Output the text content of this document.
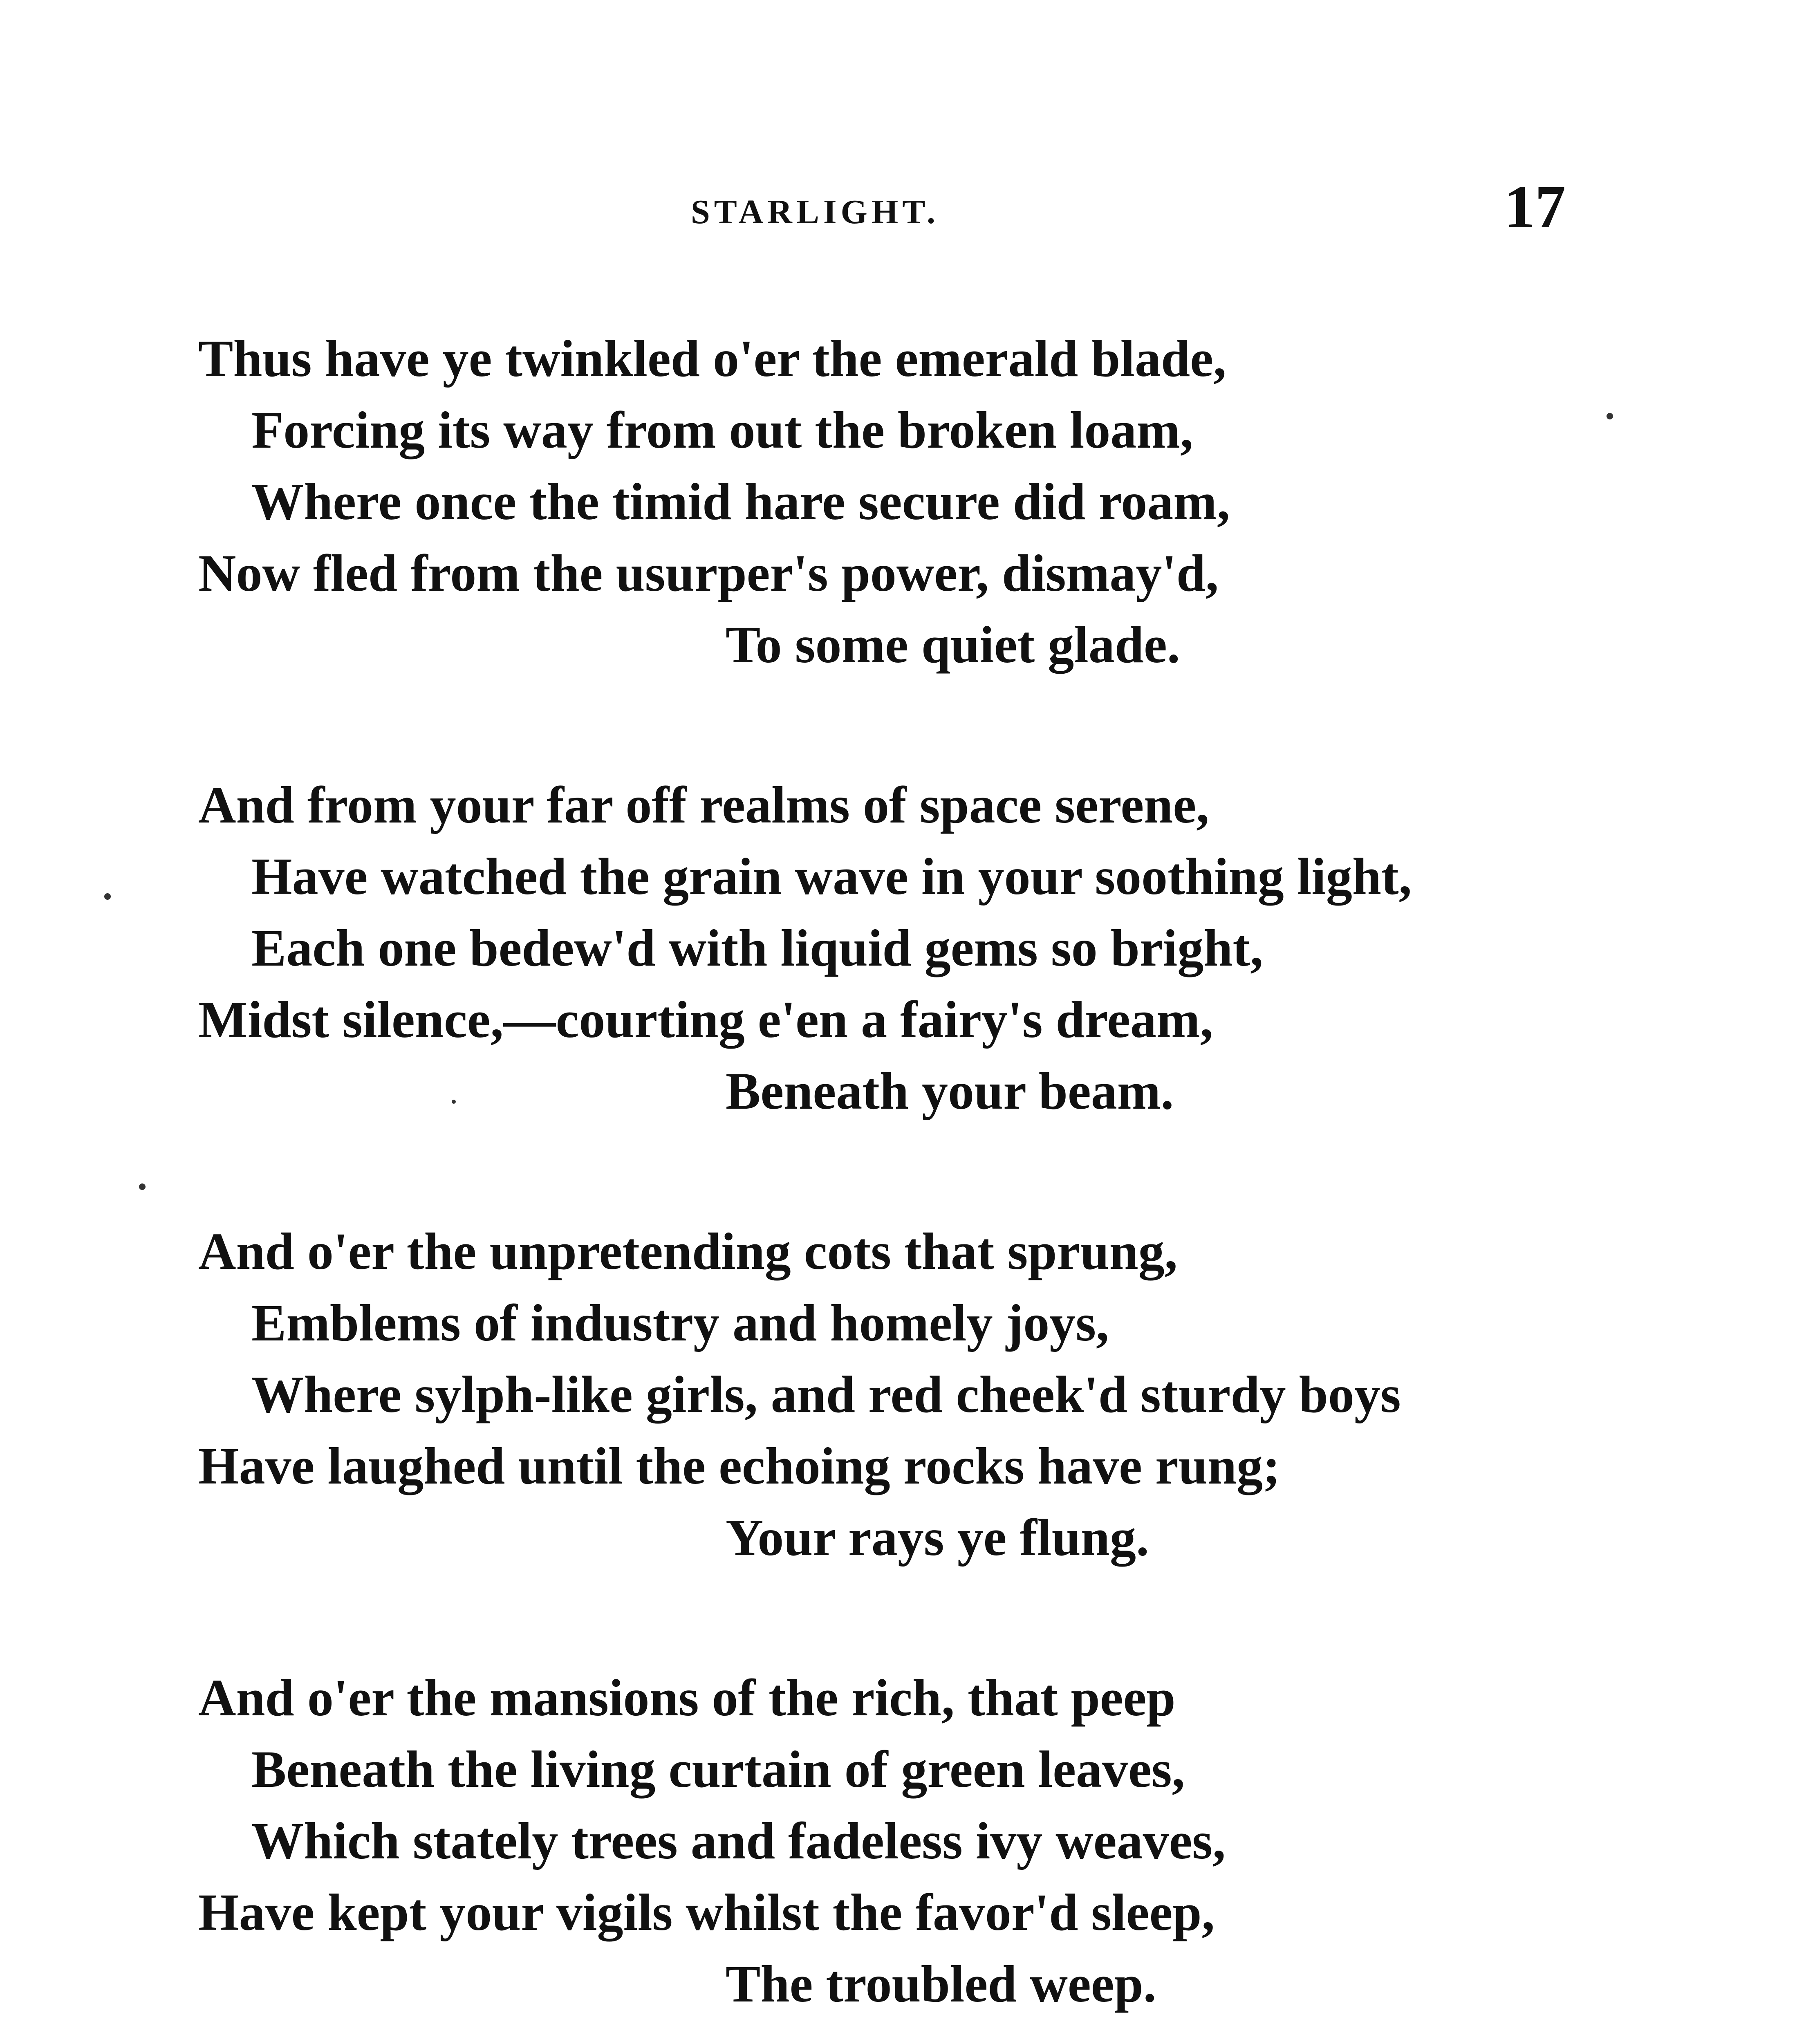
STARLIGHT.	17
Thus have ye twinkled o'er the emerald blade,
Forcing its way from out the broken loam,
Where once the timid hare secure did roam,
Now fled from the usurper's power, dismay'd,
To some quiet glade.
And from your far off realms of space serene,
Have watched the grain wave in your soothing light,
Each one bedew'd with liquid gems so bright,
Midst silence,—courting e'en a fairy's dream,
Beneath your beam.
And o'er the unpretending cots that sprung,
Emblems of industry and homely joys,
Where sylph-like girls, and red cheek'd sturdy boys
Have laughed until the echoing rocks have rung;
Your rays ye flung.
And o'er the mansions of the rich, that peep
Beneath the living curtain of green leaves,
Which stately trees and fadeless ivy weaves,
Have kept your vigils whilst the favor'd sleep,
The troubled weep.
